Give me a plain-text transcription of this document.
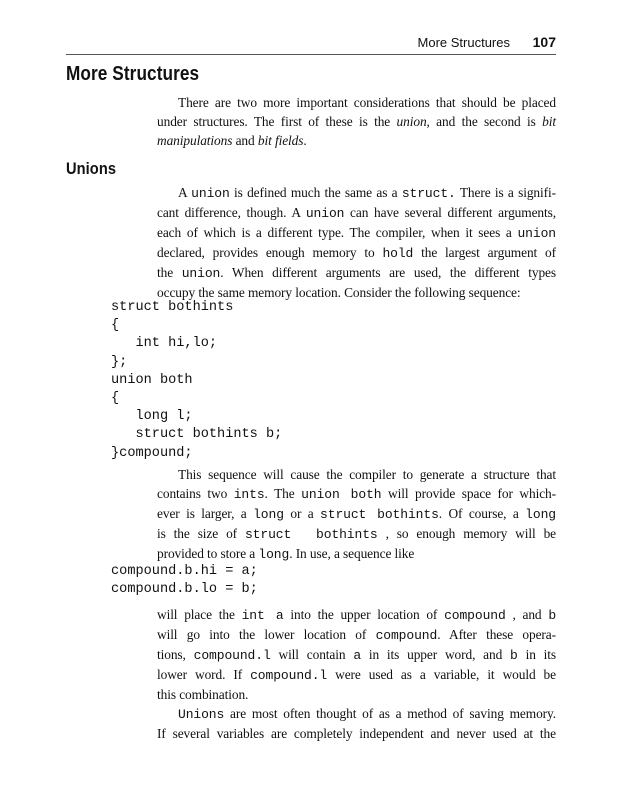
More Structures 107
More Structures

There are two more important considerations that should be placed
under structures. The first of these is the union, and the second is bit
manipulations and bit fields.

Unions

A union is defined much the same as a struct. There is a signifi-
cant difference, though. A union can have several different arguments,
each of which is a different type. The compiler, when it sees a union
declared, provides enough memory to hold the largest argument of
the union. When different arguments are used, the different types
occupy the same memory location. Consider the following sequence:

struct bothints
{
int hi,lo;
};
union both
{
long l;
struct bothints b;
}compound;

This sequence will cause the compiler to generate a structure that
contains two ints. The union both will provide space for which-
ever is larger, a long or a struct bothints. Of course, a long
is the size of struct  bothints , so enough memory will be
provided to store a long. In use, a sequence like

compound.b.hi = a;
compound.b.lo = b;

will place the int a into the upper location of compound , and b
will go into the lower location of compound. After these opera-
tions, compound.l will contain a in its upper word, and b in its
lower word. If compound.l were used as a variable, it would be
this combination.
Unions are most often thought of as a method of saving memory.
If several variables are completely independent and never used at the
